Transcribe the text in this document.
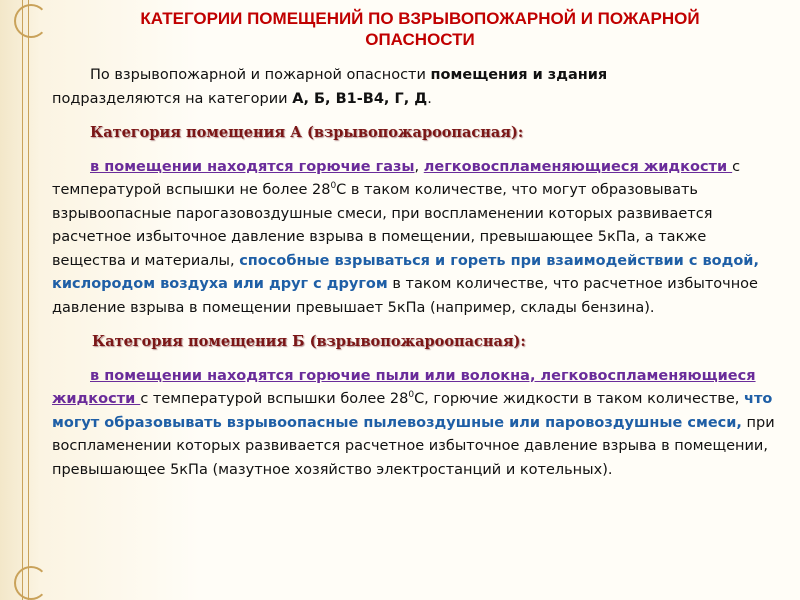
КАТЕГОРИИ ПОМЕЩЕНИЙ ПО ВЗРЫВОПОЖАРНОЙ И ПОЖАРНОЙ
ОПАСНОСТИ

По взрывопожарной и пожарной опасности помещения и здания
подразделяются на категории А, Б, В1-В4, Г, Д.

Категория помещения А (взрывопожароопасная):

в помещении находятся горючие газы, легковоспламеняющиеся жидкости с температурой вспышки не более $28^0С$ в таком количестве, что могут образовывать взрывоопасные парогазовоздушные смеси, при воспламенении которых развивается расчетное избыточное давление взрыва в помещении, превышающее 5кПа, а также вещества и материалы, способные взрываться и гореть при взаимодействии с водой, кислородом воздуха или друг с другом в таком количестве, что расчетное избыточное давление взрыва в помещении превышает 5кПа (например, склады бензина).

Категория помещения Б (взрывопожароопасная):

в помещении находятся горючие пыли или волокна, легковоспламеняющиеся жидкости с температурой вспышки более $28^0С$, горючие жидкости в таком количестве, что могут образовывать взрывоопасные пылевоздушные или паровоздушные смеси, при воспламенении которых развивается расчетное избыточное давление взрыва в помещении, превышающее 5кПа (мазутное хозяйство электростанций и котельных).
